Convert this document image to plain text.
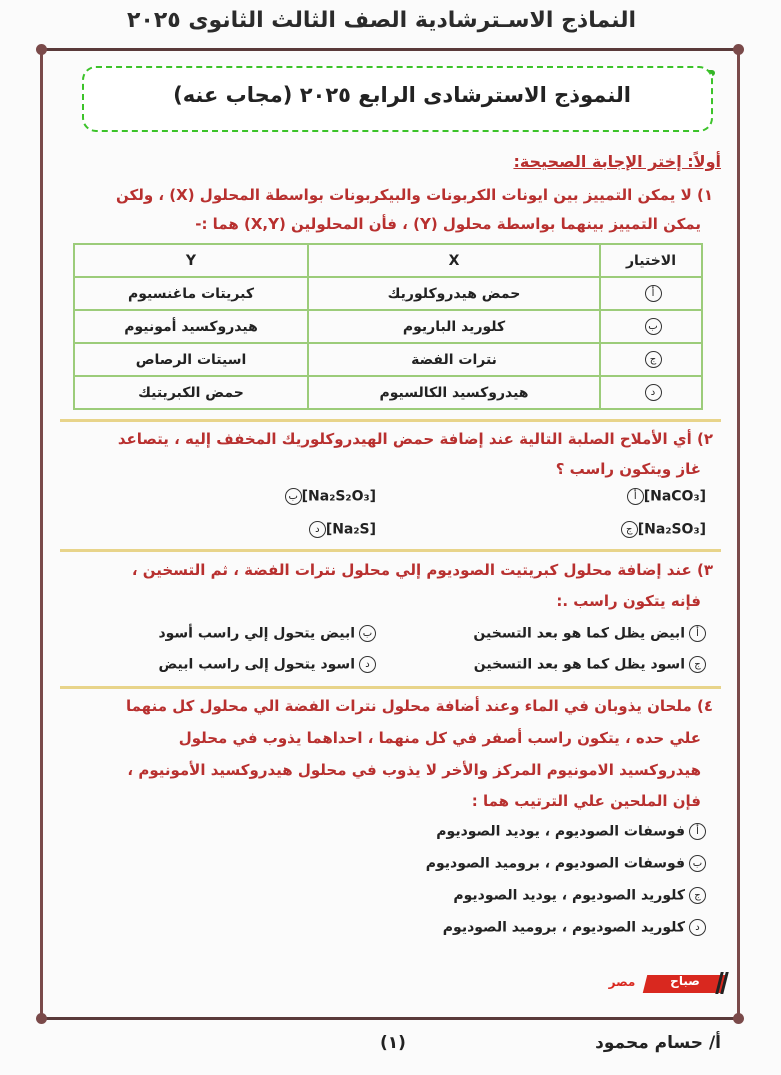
النماذج الاسـترشادية الصف الثالث الثانوى ٢٠٢٥
النموذج الاسترشادى الرابع ٢٠٢٥ (مجاب عنه)
أولاً: إختر الإجابة الصحيحة:
١) لا يمكن التمييز بين ايونات الكربونات والبيكربونات بواسطة المحلول (X) ، ولكن
يمكن التمييز بينهما بواسطة محلول (Y) ، فأن المحلولين (X,Y) هما :-
الاختيار	X	Y
أ	حمض هيدروكلوريك	كبريتات ماغنسيوم
ب	كلوريد الباريوم	هيدروكسيد أمونيوم
ج	نترات الفضة	اسيتات الرصاص
د	هيدروكسيد الكالسيوم	حمض الكبريتيك
٢) أي الأملاح الصلبة التالية عند إضافة حمض الهيدروكلوريك المخفف إليه ، يتصاعد
غاز ويتكون راسب ؟
أ [NaCO₃]
ب [Na₂S₂O₃]
ج [Na₂SO₃]
د [Na₂S]
٣) عند إضافة محلول كبريتيت الصوديوم إلي محلول نترات الفضة ، ثم التسخين ،
فإنه يتكون راسب .:
أابيض يظل كما هو بعد التسخين
بابيض يتحول إلي راسب أسود
جاسود يظل كما هو بعد التسخين
داسود يتحول إلى راسب ابيض
٤) ملحان يذوبان في الماء وعند أضافة محلول نترات الفضة الي محلول كل منهما
علي حده ، يتكون راسب أصفر في كل منهما ، احداهما يذوب في محلول
هيدروكسيد الامونيوم المركز والأخر لا يذوب في محلول هيدروكسيد الأمونيوم ،
فإن الملحين علي الترتيب هما :
أفوسفات الصوديوم ، يوديد الصوديوم
بفوسفات الصوديوم ، بروميد الصوديوم
جكلوريد الصوديوم ، يوديد الصوديوم
دكلوريد الصوديوم ، بروميد الصوديوم
صباح
مصر
أ/ حسام محمود
(١)
